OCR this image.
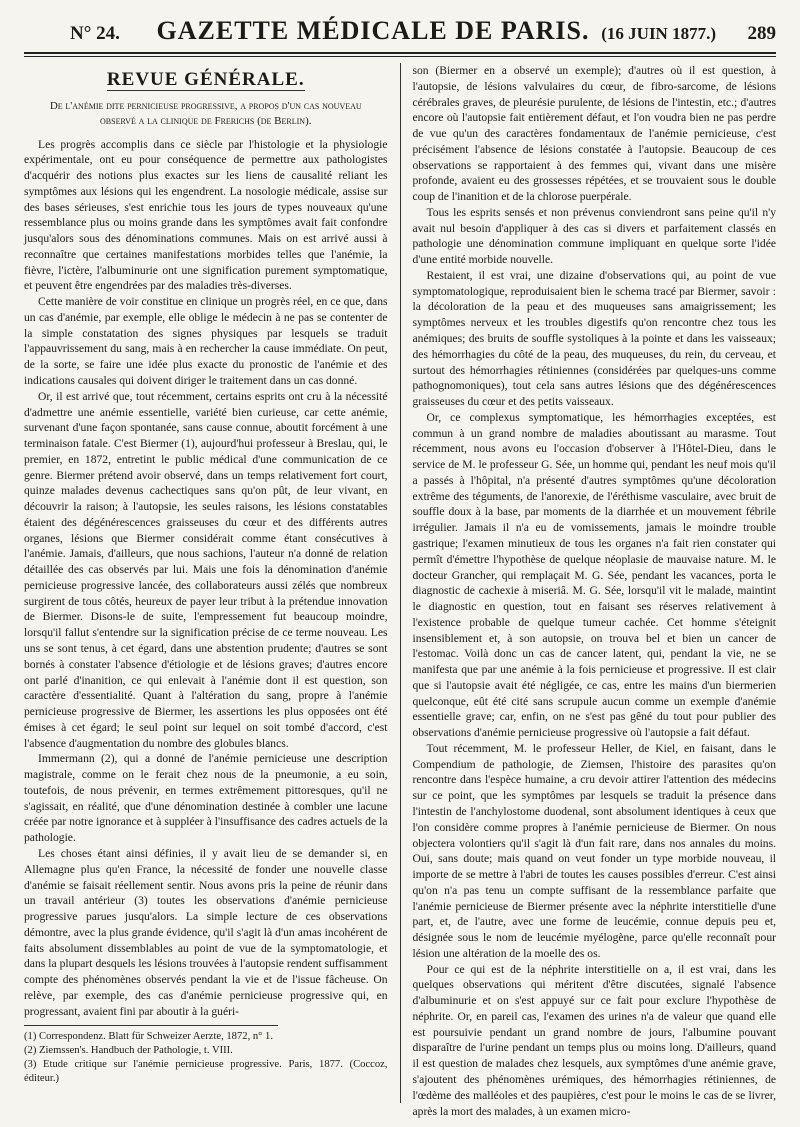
N° 24.	GAZETTE MÉDICALE DE PARIS. (16 JUIN 1877.)	289
REVUE GÉNÉRALE.
De l'anémie dite pernicieuse progressive, a propos d'un cas nouveau observé a la clinique de Frerichs (de Berlin).

Les progrès accomplis dans ce siècle par l'histologie et la physiologie expérimentale, ont eu pour conséquence de permettre aux pathologistes d'acquérir des notions plus exactes sur les liens de causalité reliant les symptômes aux lésions qui les engendrent. La nosologie médicale, assise sur des bases sérieuses, s'est enrichie tous les jours de types nouveaux qu'une ressemblance plus ou moins grande dans les symptômes avait fait confondre jusqu'alors sous des dénominations communes. Mais on est arrivé aussi à reconnaître que certaines manifestations morbides telles que l'anémie, la fièvre, l'ictère, l'albuminurie ont une signification purement symptomatique, et peuvent être engendrées par des maladies très-diverses.

Cette manière de voir constitue en clinique un progrès réel, en ce que, dans un cas d'anémie, par exemple, elle oblige le médecin à ne pas se contenter de la simple constatation des signes physiques par lesquels se traduit l'appauvrissement du sang, mais à en rechercher la cause immédiate. On peut, de la sorte, se faire une idée plus exacte du pronostic de l'anémie et des indications causales qui doivent diriger le traitement dans un cas donné.

Or, il est arrivé que, tout récemment, certains esprits ont cru à la nécessité d'admettre une anémie essentielle, variété bien curieuse, car cette anémie, survenant d'une façon spontanée, sans cause connue, aboutit forcément à une terminaison fatale. C'est Biermer (1), aujourd'hui professeur à Breslau, qui, le premier, en 1872, entretint le public médical d'une communication de ce genre. Biermer prétend avoir observé, dans un temps relativement fort court, quinze malades devenus cachectiques sans qu'on pût, de leur vivant, en découvrir la raison; à l'autopsie, les seules raisons, les lésions constatables étaient des dégénérescences graisseuses du cœur et des différents autres organes, lésions que Biermer considérait comme étant consécutives à l'anémie. Jamais, d'ailleurs, que nous sachions, l'auteur n'a donné de relation détaillée des cas observés par lui. Mais une fois la dénomination d'anémie pernicieuse progressive lancée, des collaborateurs aussi zélés que nombreux surgirent de tous côtés, heureux de payer leur tribut à la prétendue innovation de Biermer. Disons-le de suite, l'empressement fut beaucoup moindre, lorsqu'il fallut s'entendre sur la signification précise de ce terme nouveau. Les uns se sont tenus, à cet égard, dans une abstention prudente; d'autres se sont bornés à constater l'absence d'étiologie et de lésions graves; d'autres encore ont parlé d'inanition, ce qui enlevait à l'anémie dont il est question, son caractère d'essentialité. Quant à l'altération du sang, propre à l'anémie pernicieuse progressive de Biermer, les assertions les plus opposées ont été émises à cet égard; le seul point sur lequel on soit tombé d'accord, c'est l'absence d'augmentation du nombre des globules blancs.

Immermann (2), qui a donné de l'anémie pernicieuse une description magistrale, comme on le ferait chez nous de la pneumonie, a eu soin, toutefois, de nous prévenir, en termes extrêmement pittoresques, qu'il ne s'agissait, en réalité, que d'une dénomination destinée à combler une lacune créée par notre ignorance et à suppléer à l'insuffisance des cadres actuels de la pathologie.

Les choses étant ainsi définies, il y avait lieu de se demander si, en Allemagne plus qu'en France, la nécessité de fonder une nouvelle classe d'anémie se faisait réellement sentir. Nous avons pris la peine de réunir dans un travail antérieur (3) toutes les observations d'anémie pernicieuse progressive parues jusqu'alors. La simple lecture de ces observations démontre, avec la plus grande évidence, qu'il s'agit là d'un amas incohérent de faits absolument dissemblables au point de vue de la symptomatologie, et dans la plupart desquels les lésions trouvées à l'autopsie rendent suffisamment compte des phénomènes observés pendant la vie et de l'issue fâcheuse. On relève, par exemple, des cas d'anémie pernicieuse progressive qui, en progressant, avaient fini par aboutir à la guéri-

(1) Correspondenz. Blatt für Schweizer Aerzte, 1872, n° 1.

(2) Ziemssen's. Handbuch der Pathologie, t. VIII.

(3) Etude critique sur l'anémie pernicieuse progressive. Paris, 1877. (Coccoz, éditeur.)

son (Biermer en a observé un exemple); d'autres où il est question, à l'autopsie, de lésions valvulaires du cœur, de fibro-sarcome, de lésions cérébrales graves, de pleurésie purulente, de lésions de l'intestin, etc.; d'autres encore où l'autopsie fait entièrement défaut, et l'on voudra bien ne pas perdre de vue qu'un des caractères fondamentaux de l'anémie pernicieuse, c'est précisément l'absence de lésions constatée à l'autopsie. Beaucoup de ces observations se rapportaient à des femmes qui, vivant dans une misère profonde, avaient eu des grossesses répétées, et se trouvaient sous le double coup de l'inanition et de la chlorose puerpérale.

Tous les esprits sensés et non prévenus conviendront sans peine qu'il n'y avait nul besoin d'appliquer à des cas si divers et parfaitement classés en pathologie une dénomination commune impliquant en quelque sorte l'idée d'une entité morbide nouvelle.

Restaient, il est vrai, une dizaine d'observations qui, au point de vue symptomatologique, reproduisaient bien le schema tracé par Biermer, savoir : la décoloration de la peau et des muqueuses sans amaigrissement; les symptômes nerveux et les troubles digestifs qu'on rencontre chez tous les anémiques; des bruits de souffle systoliques à la pointe et dans les vaisseaux; des hémorrhagies du côté de la peau, des muqueuses, du rein, du cerveau, et surtout des hémorrhagies rétiniennes (considérées par quelques-uns comme pathognomoniques), tout cela sans autres lésions que des dégénérescences graisseuses du cœur et des petits vaisseaux.

Or, ce complexus symptomatique, les hémorrhagies exceptées, est commun à un grand nombre de maladies aboutissant au marasme. Tout récemment, nous avons eu l'occasion d'observer à l'Hôtel-Dieu, dans le service de M. le professeur G. Sée, un homme qui, pendant les neuf mois qu'il a passés à l'hôpital, n'a présenté d'autres symptômes qu'une décoloration extrême des téguments, de l'anorexie, de l'éréthisme vasculaire, avec bruit de souffle doux à la base, par moments de la diarrhée et un mouvement fébrile irrégulier. Jamais il n'a eu de vomissements, jamais le moindre trouble gastrique; l'examen minutieux de tous les organes n'a fait rien constater qui permît d'émettre l'hypothèse de quelque néoplasie de mauvaise nature. M. le docteur Grancher, qui remplaçait M. G. Sée, pendant les vacances, porta le diagnostic de cachexie à miseriâ. M. G. Sée, lorsqu'il vit le malade, maintint le diagnostic en question, tout en faisant ses réserves relativement à l'existence probable de quelque tumeur cachée. Cet homme s'éteignit insensiblement et, à son autopsie, on trouva bel et bien un cancer de l'estomac. Voilà donc un cas de cancer latent, qui, pendant la vie, ne se manifesta que par une anémie à la fois pernicieuse et progressive. Il est clair que si l'autopsie avait été négligée, ce cas, entre les mains d'un biermerien quelconque, eût été cité sans scrupule aucun comme un exemple d'anémie essentielle grave; car, enfin, on ne s'est pas gêné du tout pour publier des observations d'anémie pernicieuse progressive où l'autopsie a fait défaut.

Tout récemment, M. le professeur Heller, de Kiel, en faisant, dans le Compendium de pathologie, de Ziemsen, l'histoire des parasites qu'on rencontre dans l'espèce humaine, a cru devoir attirer l'attention des médecins sur ce point, que les symptômes par lesquels se traduit la présence dans l'intestin de l'anchylostome duodenal, sont absolument identiques à ceux que l'on considère comme propres à l'anémie pernicieuse de Biermer. On nous objectera volontiers qu'il s'agit là d'un fait rare, dans nos annales du moins. Oui, sans doute; mais quand on veut fonder un type morbide nouveau, il importe de se mettre à l'abri de toutes les causes possibles d'erreur. C'est ainsi qu'on n'a pas tenu un compte suffisant de la ressemblance parfaite que l'anémie pernicieuse de Biermer présente avec la néphrite interstitielle d'une part, et, de l'autre, avec une forme de leucémie, connue depuis peu et, désignée sous le nom de leucémie myélogène, parce qu'elle reconnaît pour lésion une altération de la moelle des os.

Pour ce qui est de la néphrite interstitielle on a, il est vrai, dans les quelques observations qui méritent d'être discutées, signalé l'absence d'albuminurie et on s'est appuyé sur ce fait pour exclure l'hypothèse de néphrite. Or, en pareil cas, l'examen des urines n'a de valeur que quand elle est poursuivie pendant un grand nombre de jours, l'albumine pouvant disparaître de l'urine pendant un temps plus ou moins long. D'ailleurs, quand il est question de malades chez lesquels, aux symptômes d'une anémie grave, s'ajoutent des phénomènes urémiques, des hémorrhagies rétiniennes, de l'œdème des malléoles et des paupières, c'est pour le moins le cas de se livrer, après la mort des malades, à un examen micro-
